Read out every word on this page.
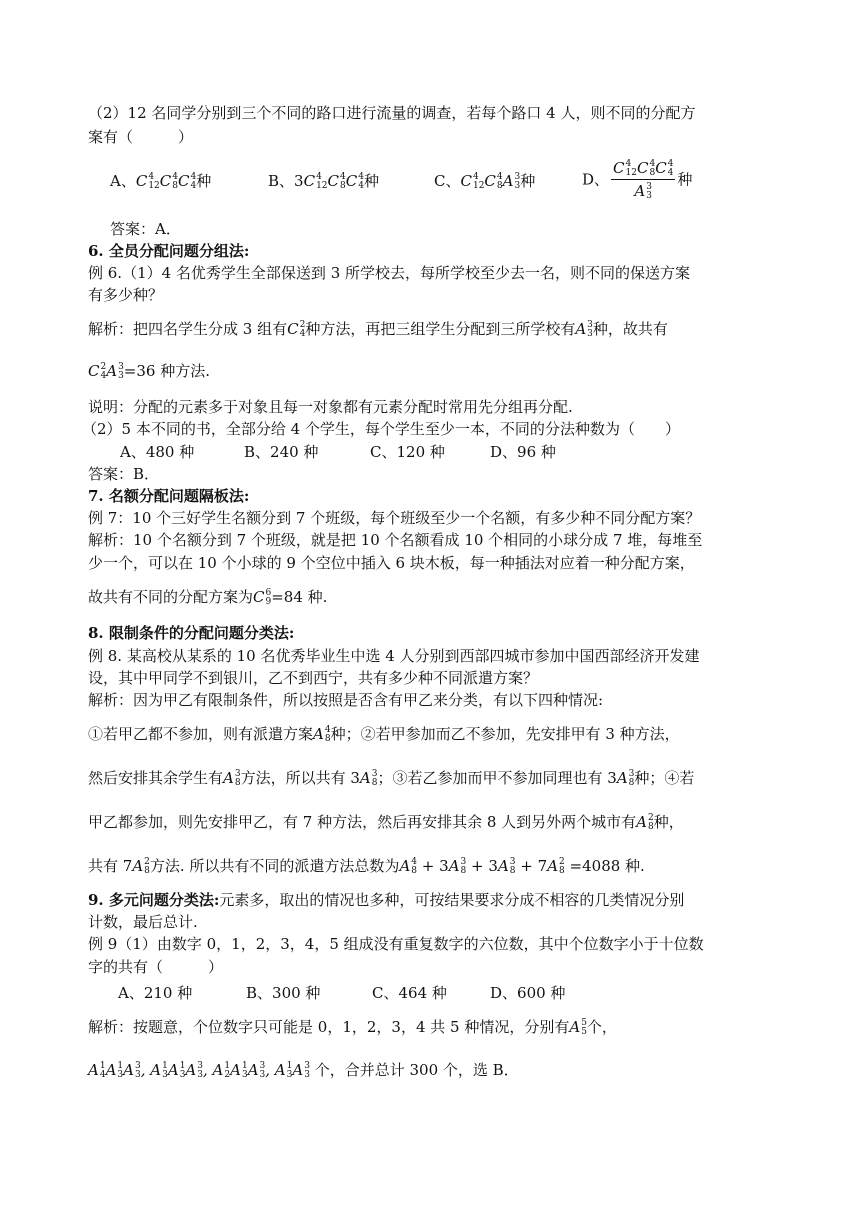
（2）12 名同学分别到三个不同的路口进行流量的调查，若每个路口 4 人，则不同的分配方
案有（　　　）
A、C 4
12 C 4
8 C 4
4 种	B、3C 4
12 C 4
8 C 4
4 种	C、C 4
12 C 4
8 A 3
3 种	D、 C 4
12 C 4
8 C 4
4
A 3
3 种
答案：A．
6. 全员分配问题分组法:
例 6.（1）4 名优秀学生全部保送到 3 所学校去，每所学校至少去一名，则不同的保送方案
有多少种？
解析：把四名学生分成 3 组有C 2
4 种方法，再把三组学生分配到三所学校有A 3
3 种，故共有
C 2
4 A 3
3 =36 种方法.
说明：分配的元素多于对象且每一对象都有元素分配时常用先分组再分配.
（2）5 本不同的书，全部分给 4 个学生，每个学生至少一本，不同的分法种数为（　　）
A、480 种	B、240 种	C、120 种	D、96 种
答案：B．
7. 名额分配问题隔板法:
例 7：10 个三好学生名额分到 7 个班级，每个班级至少一个名额，有多少种不同分配方案？
解析：10 个名额分到 7 个班级，就是把 10 个名额看成 10 个相同的小球分成 7 堆，每堆至
少一个，可以在 10 个小球的 9 个空位中插入 6 块木板，每一种插法对应着一种分配方案，
故共有不同的分配方案为C 6
9 =84 种.
8. 限制条件的分配问题分类法:
例 8. 某高校从某系的 10 名优秀毕业生中选 4 人分别到西部四城市参加中国西部经济开发建
设，其中甲同学不到银川，乙不到西宁，共有多少种不同派遣方案？
解析：因为甲乙有限制条件，所以按照是否含有甲乙来分类，有以下四种情况:
①若甲乙都不参加，则有派遣方案A 4
8 种；②若甲参加而乙不参加，先安排甲有 3 种方法，
然后安排其余学生有A 3
8 方法，所以共有 3A 3
8 ；③若乙参加而甲不参加同理也有 3A 3
8 种；④若
甲乙都参加，则先安排甲乙，有 7 种方法，然后再安排其余 8 人到另外两个城市有A 2
8 种，
共有 7A 2
8 方法. 所以共有不同的派遣方法总数为A 4
8 + 3A 3
8 + 3A 3
8 + 7A 2
8 =4088 种.
9. 多元问题分类法:元素多，取出的情况也多种，可按结果要求分成不相容的几类情况分别
计数，最后总计.
例 9（1）由数字 0，1，2，3，4，5 组成没有重复数字的六位数，其中个位数字小于十位数
字的共有（　　　）
A、210 种	B、300 种	C、464 种	D、600 种
解析：按题意，个位数字只可能是 0，1，2，3，4 共 5 种情况，分别有A 5
5 个，
A 1
4 A 1
3 A 3
3 , A 1
3 A 1
3 A 3
3 , A 1
2 A 1
3 A 3
3 , A 1
3 A 3
3 个，合并总计 300 个，选 B．
